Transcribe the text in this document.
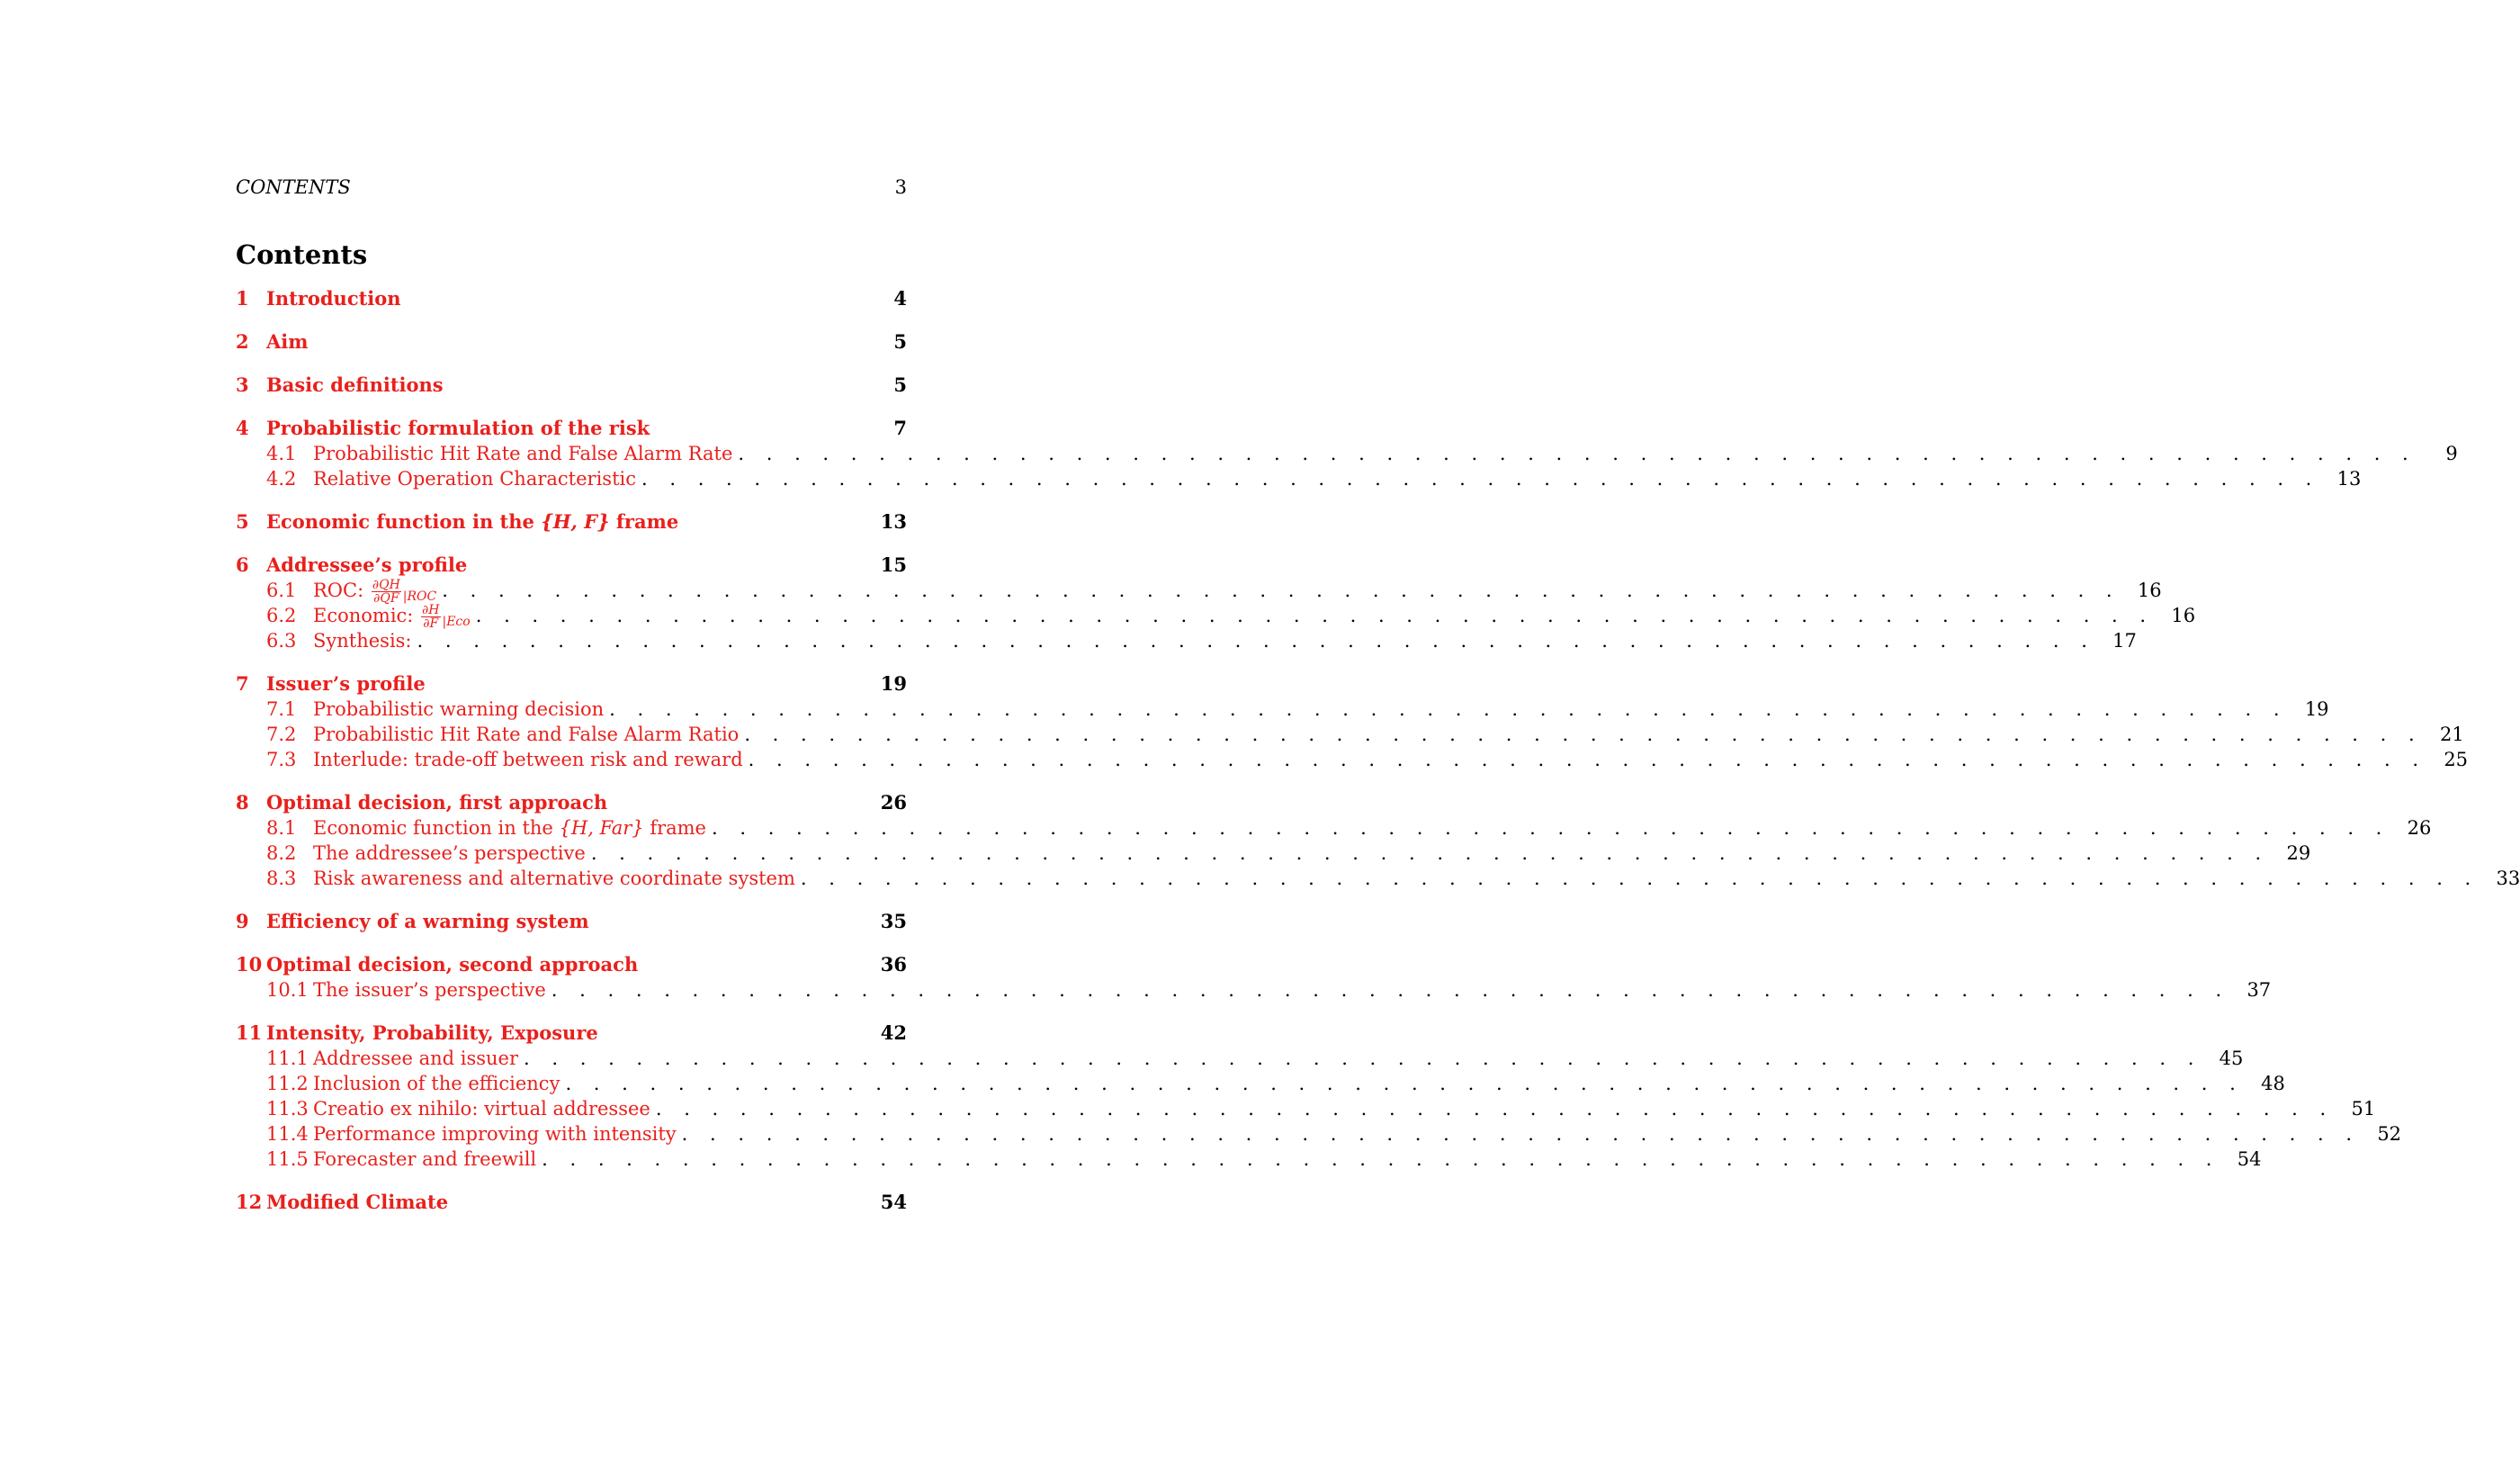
CONTENTS	3
Contents
1 Introduction	4
2 Aim	5
3 Basic definitions	5
4 Probabilistic formulation of the risk	7
4.1 Probabilistic Hit Rate and False Alarm Rate . . . . . . . . . . . . . . . . . . . . . . . . . . . . . . . . . . . . . . . . . . . . . . . . . . . . . . . . . . . .	9
4.2 Relative Operation Characteristic . . . . . . . . . . . . . . . . . . . . . . . . . . . . . . . . . . . . . . . . . . . . . . . . . . . . . . . . . . . . 13
5 Economic function in the {H, F} frame	13
6 Addressee’s profile	15
6.1 ROC: $\frac{\partial QH}{\partial QF} |ROC$ . . . . . . . . . . . . . . . . . . . . . . . . . . . . . . . . . . . . . . . . . . . . . . . . . . . . . . . . . . . . 16
6.2 Economic: $\frac{\partial H}{\partial F} |Eco$ . . . . . . . . . . . . . . . . . . . . . . . . . . . . . . . . . . . . . . . . . . . . . . . . . . . . . . . . . . . . 16
6.3 Synthesis: . . . . . . . . . . . . . . . . . . . . . . . . . . . . . . . . . . . . . . . . . . . . . . . . . . . . . . . . . . . . 17
7 Issuer’s profile	19
7.1 Probabilistic warning decision . . . . . . . . . . . . . . . . . . . . . . . . . . . . . . . . . . . . . . . . . . . . . . . . . . . . . . . . . . . . 19
7.2 Probabilistic Hit Rate and False Alarm Ratio . . . . . . . . . . . . . . . . . . . . . . . . . . . . . . . . . . . . . . . . . . . . . . . . . . . . . . . . . . . . 21
7.3 Interlude: trade-off between risk and reward . . . . . . . . . . . . . . . . . . . . . . . . . . . . . . . . . . . . . . . . . . . . . . . . . . . . . . . . . . . . 25
8 Optimal decision, first approach	26
8.1 Economic function in the {H, Far} frame . . . . . . . . . . . . . . . . . . . . . . . . . . . . . . . . . . . . . . . . . . . . . . . . . . . . . . . . . . . . 26
8.2 The addressee’s perspective . . . . . . . . . . . . . . . . . . . . . . . . . . . . . . . . . . . . . . . . . . . . . . . . . . . . . . . . . . . . 29
8.3 Risk awareness and alternative coordinate system . . . . . . . . . . . . . . . . . . . . . . . . . . . . . . . . . . . . . . . . . . . . . . . . . . . . . . . . . . . . 33
9 Efficiency of a warning system	35
10 Optimal decision, second approach	36
10.1 The issuer’s perspective . . . . . . . . . . . . . . . . . . . . . . . . . . . . . . . . . . . . . . . . . . . . . . . . . . . . . . . . . . . . 37
11 Intensity, Probability, Exposure	42
11.1 Addressee and issuer . . . . . . . . . . . . . . . . . . . . . . . . . . . . . . . . . . . . . . . . . . . . . . . . . . . . . . . . . . . . 45
11.2 Inclusion of the efficiency . . . . . . . . . . . . . . . . . . . . . . . . . . . . . . . . . . . . . . . . . . . . . . . . . . . . . . . . . . . . 48
11.3 Creatio ex nihilo: virtual addressee . . . . . . . . . . . . . . . . . . . . . . . . . . . . . . . . . . . . . . . . . . . . . . . . . . . . . . . . . . . . 51
11.4 Performance improving with intensity . . . . . . . . . . . . . . . . . . . . . . . . . . . . . . . . . . . . . . . . . . . . . . . . . . . . . . . . . . . . 52
11.5 Forecaster and freewill . . . . . . . . . . . . . . . . . . . . . . . . . . . . . . . . . . . . . . . . . . . . . . . . . . . . . . . . . . . . 54
12 Modified Climate	54
